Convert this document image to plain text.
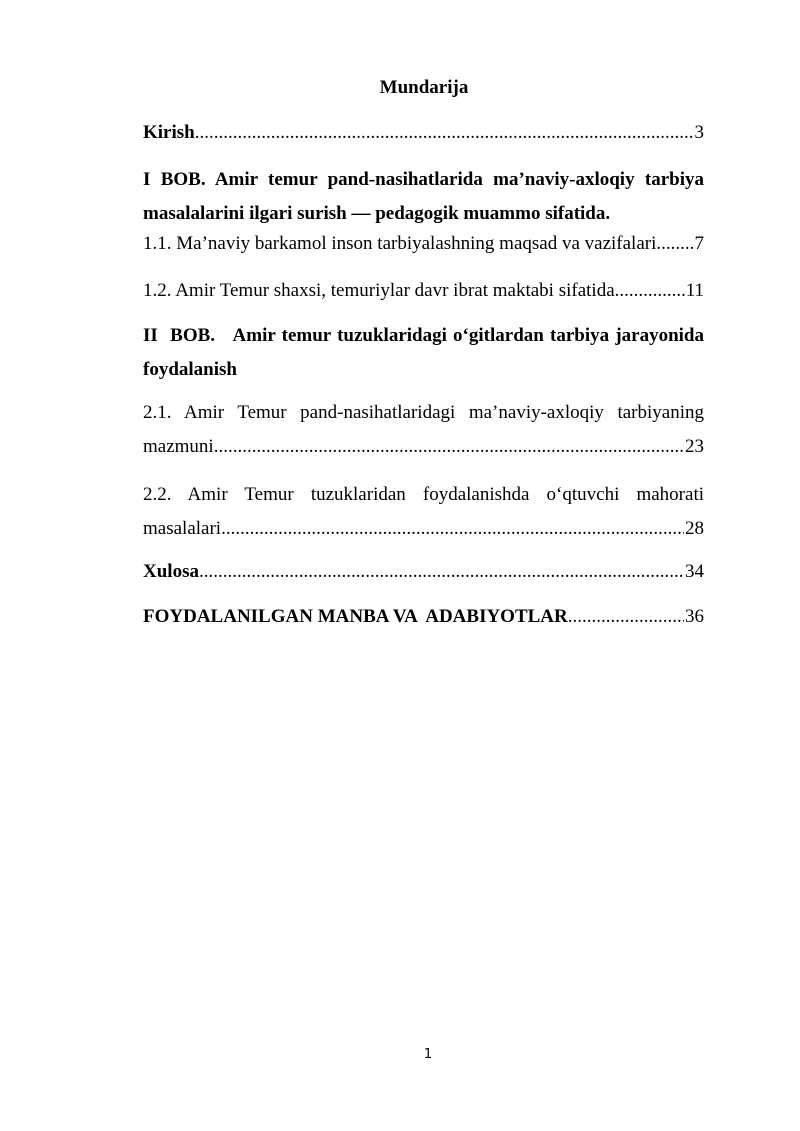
Mundarija
Kirish .....	3
I BOB. Amir temur pand-nasihatlarida ma’naviy-axloqiy tarbiya
masalalarini ilgari surish — pedagogik muammo sifatida.
1.1. Ma’naviy barkamol inson tarbiyalashning maqsad va vazifalari ..... 7
1.2. Amir Temur shaxsi, temuriylar davr ibrat maktabi sifatida .....	11
II  BOB.   Amir temur tuzuklaridagi o‘gitlardan tarbiya jarayonida
foydalanish
2.1. Amir Temur pand-nasihatlaridagi ma’naviy-axloqiy tarbiyaning
mazmuni .....	23
2.2. Amir Temur tuzuklaridan foydalanishda o‘qtuvchi mahorati
masalalari .....	28
Xulosa .....	34
FOYDALANILGAN MANBA VA  ADABIYOTLAR .....	36
1
